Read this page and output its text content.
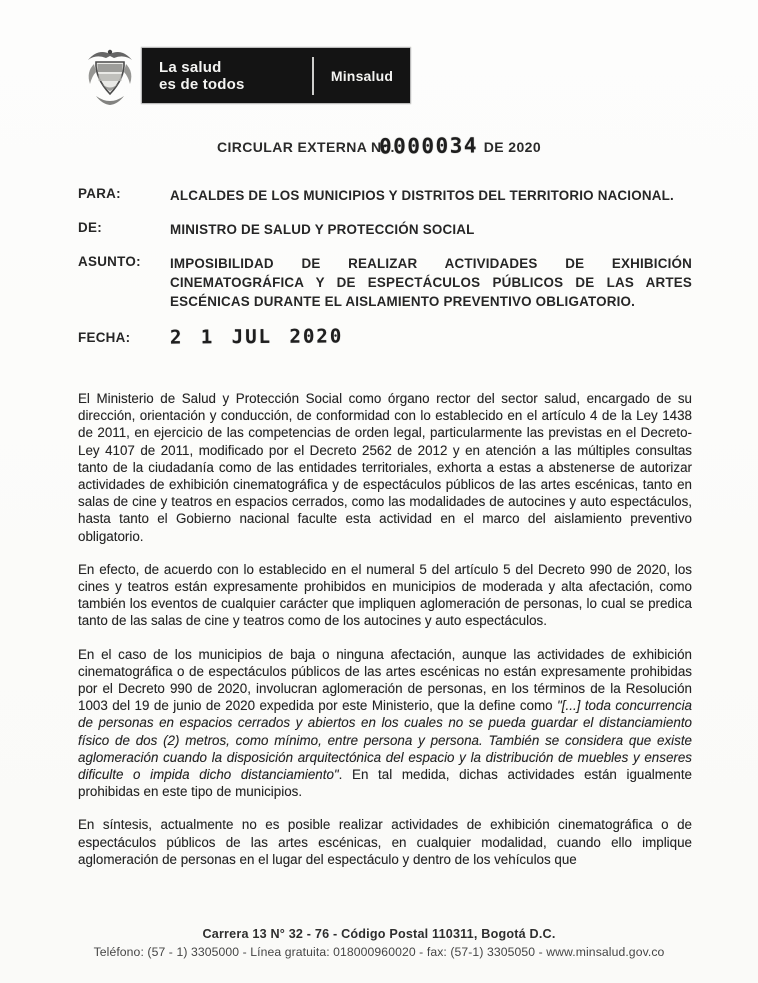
La salud
es de todos	Minsalud
CIRCULAR EXTERNA No.0000034 DE 2020
PARA:	ALCALDES DE LOS MUNICIPIOS Y DISTRITOS DEL TERRITORIO NACIONAL.
DE:	MINISTRO DE SALUD Y PROTECCIÓN SOCIAL
ASUNTO:	IMPOSIBILIDAD DE REALIZAR ACTIVIDADES DE EXHIBICIÓN CINEMATOGRÁFICA Y DE ESPECTÁCULOS PÚBLICOS DE LAS ARTES ESCÉNICAS DURANTE EL AISLAMIENTO PREVENTIVO OBLIGATORIO.
FECHA:	2 1 JUL 2020

El Ministerio de Salud y Protección Social como órgano rector del sector salud, encargado de su dirección, orientación y conducción, de conformidad con lo establecido en el artículo 4 de la Ley 1438 de 2011, en ejercicio de las competencias de orden legal, particularmente las previstas en el Decreto-Ley 4107 de 2011, modificado por el Decreto 2562 de 2012 y en atención a las múltiples consultas tanto de la ciudadanía como de las entidades territoriales, exhorta a estas a abstenerse de autorizar actividades de exhibición cinematográfica y de espectáculos públicos de las artes escénicas, tanto en salas de cine y teatros en espacios cerrados, como las modalidades de autocines y auto espectáculos, hasta tanto el Gobierno nacional faculte esta actividad en el marco del aislamiento preventivo obligatorio.

En efecto, de acuerdo con lo establecido en el numeral 5 del artículo 5 del Decreto 990 de 2020, los cines y teatros están expresamente prohibidos en municipios de moderada y alta afectación, como también los eventos de cualquier carácter que impliquen aglomeración de personas, lo cual se predica tanto de las salas de cine y teatros como de los autocines y auto espectáculos.

En el caso de los municipios de baja o ninguna afectación, aunque las actividades de exhibición cinematográfica o de espectáculos públicos de las artes escénicas no están expresamente prohibidas por el Decreto 990 de 2020, involucran aglomeración de personas, en los términos de la Resolución 1003 del 19 de junio de 2020 expedida por este Ministerio, que la define como "[...] toda concurrencia de personas en espacios cerrados y abiertos en los cuales no se pueda guardar el distanciamiento físico de dos (2) metros, como mínimo, entre persona y persona. También se considera que existe aglomeración cuando la disposición arquitectónica del espacio y la distribución de muebles y enseres dificulte o impida dicho distanciamiento". En tal medida, dichas actividades están igualmente prohibidas en este tipo de municipios.

En síntesis, actualmente no es posible realizar actividades de exhibición cinematográfica o de espectáculos públicos de las artes escénicas, en cualquier modalidad, cuando ello implique aglomeración de personas en el lugar del espectáculo y dentro de los vehículos que

Carrera 13 N° 32 - 76 - Código Postal 110311, Bogotá D.C.
Teléfono: (57 - 1) 3305000 - Línea gratuita: 018000960020 - fax: (57-1) 3305050 - www.minsalud.gov.co
